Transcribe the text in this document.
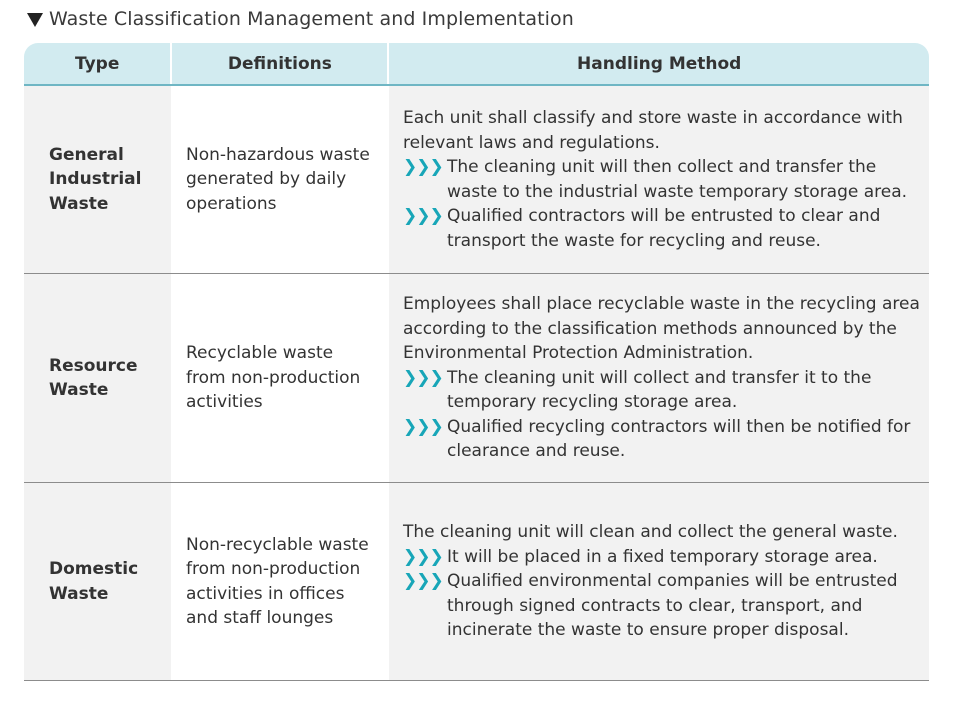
Waste Classification Management and Implementation
Type	Definitions	Handling Method
General Industrial Waste
Non-hazardous waste generated by daily operations
Each unit shall classify and store waste in accordance with relevant laws and regulations.
❯❯❯ The cleaning unit will then collect and transfer the waste to the industrial waste temporary storage area.
❯❯❯ Qualified contractors will be entrusted to clear and transport the waste for recycling and reuse.
Resource Waste
Recyclable waste from non-production activities
Employees shall place recyclable waste in the recycling area according to the classification methods announced by the Environmental Protection Administration.
❯❯❯ The cleaning unit will collect and transfer it to the temporary recycling storage area.
❯❯❯ Qualified recycling contractors will then be notified for clearance and reuse.
Domestic Waste
Non-recyclable waste from non-production activities in offices and staff lounges
The cleaning unit will clean and collect the general waste.
❯❯❯ It will be placed in a fixed temporary storage area.
❯❯❯ Qualified environmental companies will be entrusted through signed contracts to clear, transport, and incinerate the waste to ensure proper disposal.
